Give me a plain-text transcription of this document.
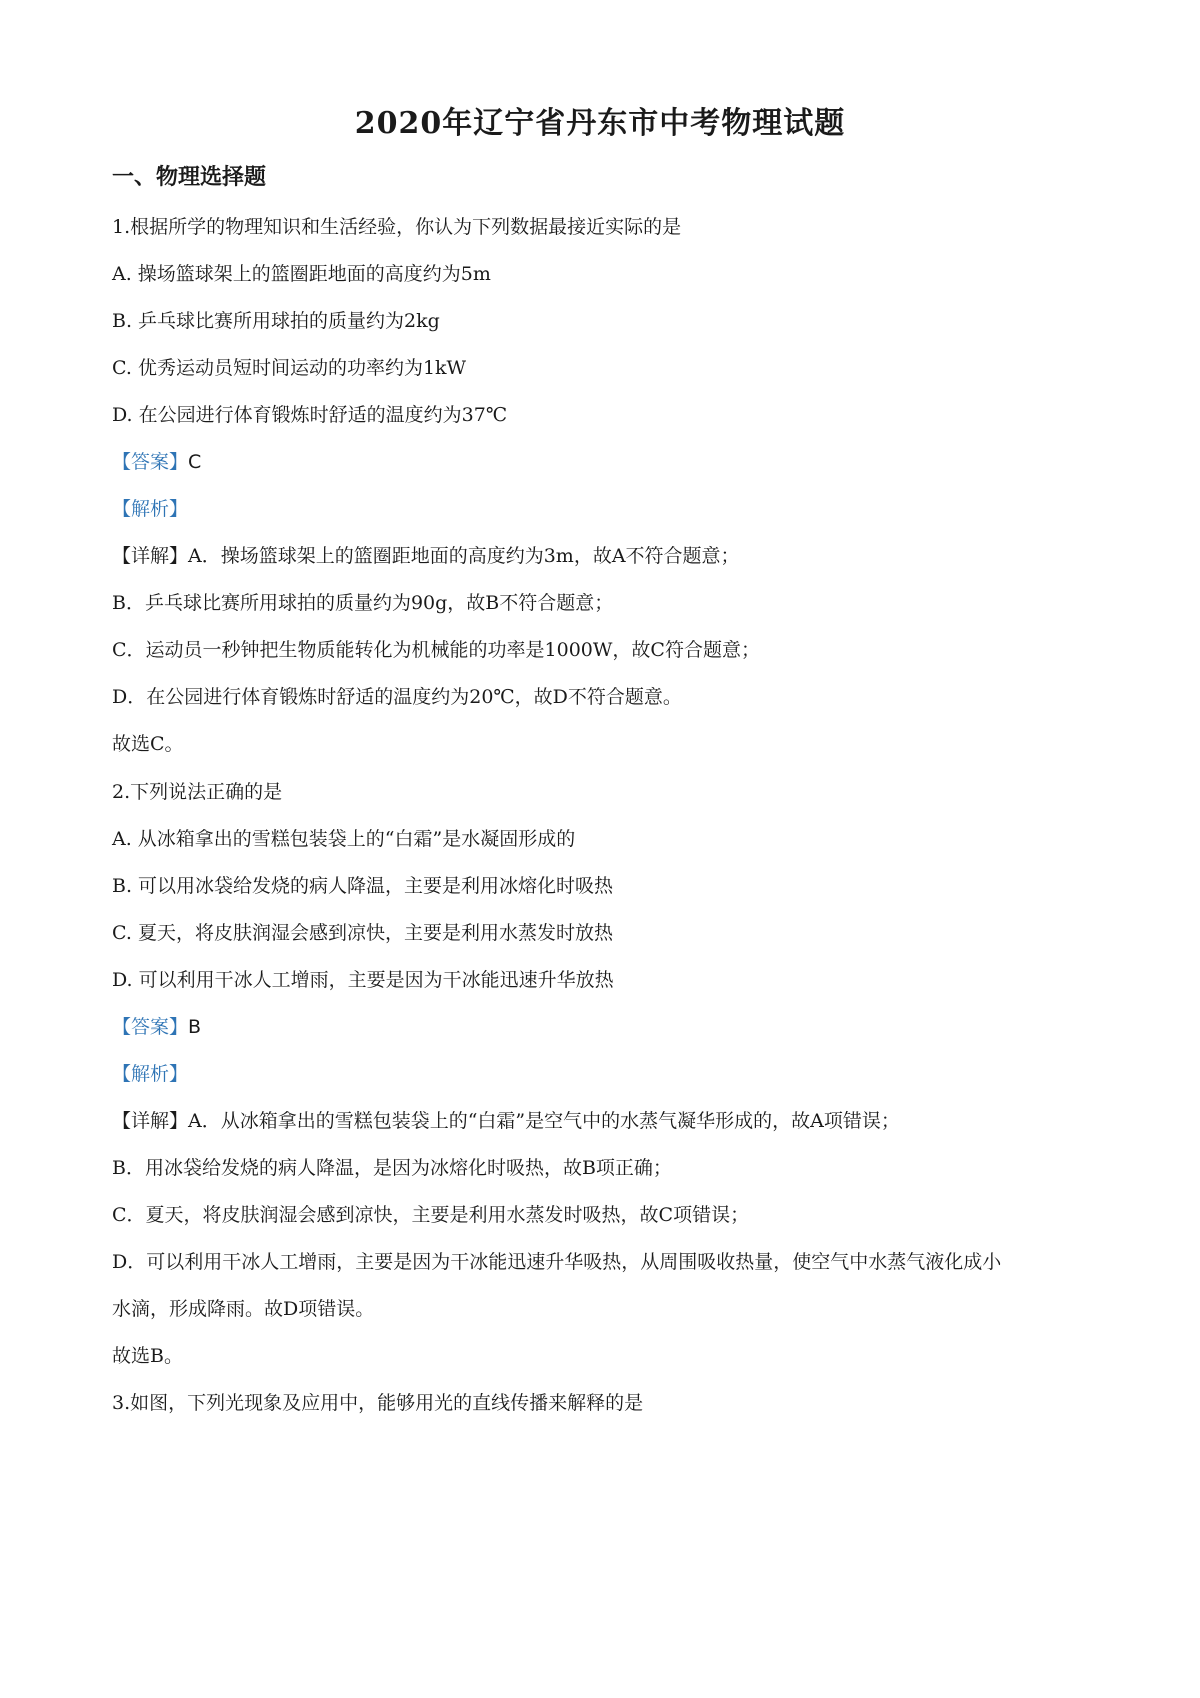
2020年辽宁省丹东市中考物理试题
一、物理选择题
1.根据所学的物理知识和生活经验，你认为下列数据最接近实际的是
A. 操场篮球架上的篮圈距地面的高度约为5m
B. 乒乓球比赛所用球拍的质量约为2kg
C. 优秀运动员短时间运动的功率约为1kW
D. 在公园进行体育锻炼时舒适的温度约为37℃
【答案】C
【解析】
【详解】A．操场篮球架上的篮圈距地面的高度约为3m，故A不符合题意；
B．乒乓球比赛所用球拍的质量约为90g，故B不符合题意；
C．运动员一秒钟把生物质能转化为机械能的功率是1000W，故C符合题意；
D．在公园进行体育锻炼时舒适的温度约为20℃，故D不符合题意。
故选C。
2.下列说法正确的是
A. 从冰箱拿出的雪糕包装袋上的“白霜”是水凝固形成的
B. 可以用冰袋给发烧的病人降温，主要是利用冰熔化时吸热
C. 夏天，将皮肤润湿会感到凉快，主要是利用水蒸发时放热
D. 可以利用干冰人工增雨，主要是因为干冰能迅速升华放热
【答案】B
【解析】
【详解】A．从冰箱拿出的雪糕包装袋上的“白霜”是空气中的水蒸气凝华形成的，故A项错误；
B．用冰袋给发烧的病人降温，是因为冰熔化时吸热，故B项正确；
C．夏天，将皮肤润湿会感到凉快，主要是利用水蒸发时吸热，故C项错误；
D．可以利用干冰人工增雨，主要是因为干冰能迅速升华吸热，从周围吸收热量，使空气中水蒸气液化成小
水滴，形成降雨。故D项错误。
故选B。
3.如图，下列光现象及应用中，能够用光的直线传播来解释的是
